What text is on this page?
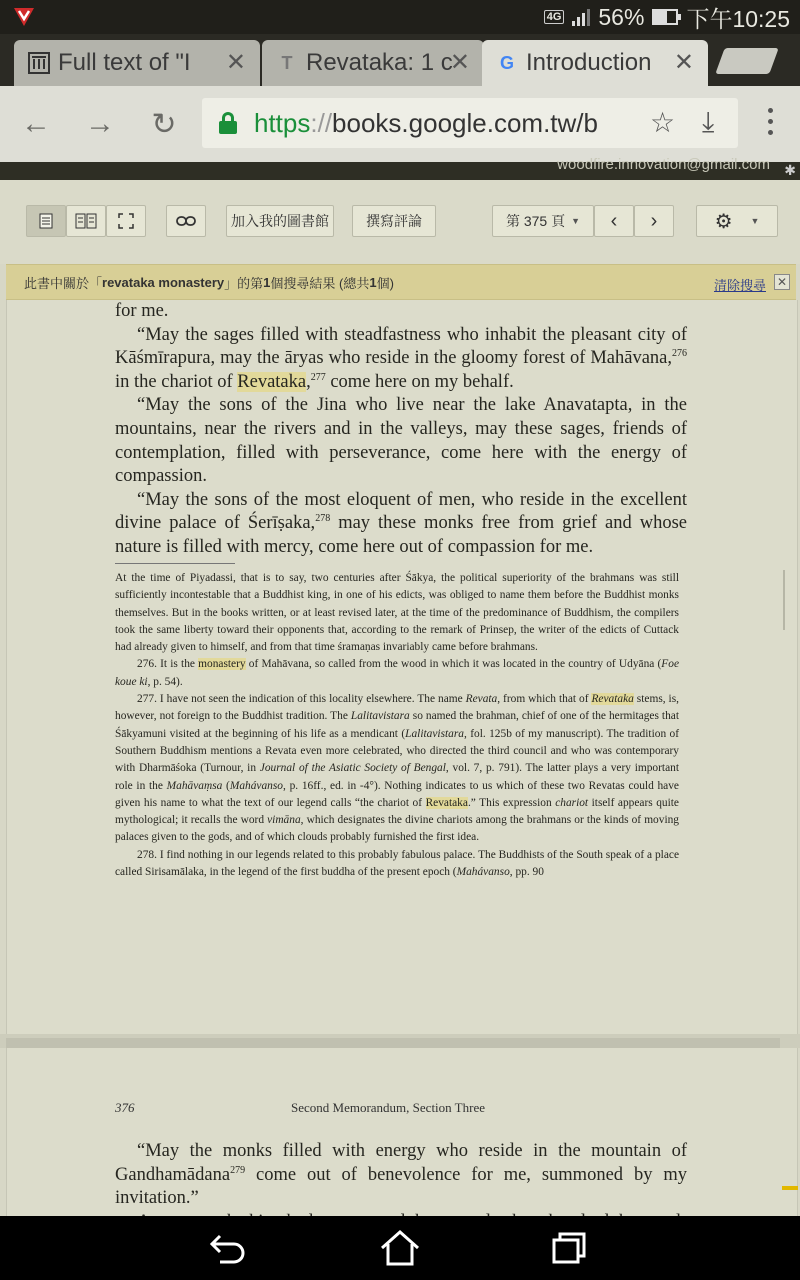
4G 56% 下午10:25
Full text of "I	✕	T Revataka: 1 c
✕ G Introduction ✕
← → ↻	https://books.google.com.tw/b	☆ ⤓
woodfire.innovation@gmail.com ✱
加入我的圖書館	撰寫評論	第 375 頁 ▼ ‹ ›	⚙ ▼
此書中關於「 revataka monastery 」的第 1 個搜尋結果 (總共 1 個)	清除搜尋 ✕

for me.

“May the sages filled with steadfastness who inhabit the pleasant city of Kāśmīrapura, may the āryas who reside in the gloomy forest of Mahāvana,$^{276}$ in the chariot of Revataka,$^{277}$ come here on my behalf.

“May the sons of the Jina who live near the lake Anavatapta, in the mountains, near the rivers and in the valleys, may these sages, friends of contemplation, filled with perseverance, come here with the energy of compassion.

“May the sons of the most eloquent of men, who reside in the excellent divine palace of Śerīṣaka,$^{278}$ may these monks free from grief and whose nature is filled with mercy, come here out of compassion for me.

At the time of Piyadassi, that is to say, two centuries after Śākya, the political superiority of the brahmans was still sufficiently incontestable that a Buddhist king, in one of his edicts, was obliged to name them before the Buddhist monks themselves. But in the books written, or at least revised later, at the time of the predominance of Buddhism, the compilers took the same liberty toward their opponents that, according to the remark of Prinsep, the writer of the edicts of Cuttack had already given to himself, and from that time śramaṇas invariably came before brahmans.

276. It is the monastery of Mahāvana, so called from the wood in which it was located in the country of Udyāna (Foe koue ki, p. 54).

277. I have not seen the indication of this locality elsewhere. The name Revata, from which that of Revataka stems, is, however, not foreign to the Buddhist tradition. The Lalitavistara so named the brahman, chief of one of the hermitages that Śākyamuni visited at the beginning of his life as a mendicant (Lalitavistara, fol. 125b of my manuscript). The tradition of Southern Buddhism mentions a Revata even more celebrated, who directed the third council and who was contemporary with Dharmāśoka (Turnour, in Journal of the Asiatic Society of Bengal, vol. 7, p. 791). The latter plays a very important role in the Mahāvaṃsa (Mahávanso, p. 16ff., ed. in -4°). Nothing indicates to us which of these two Revatas could have given his name to what the text of our legend calls “the chariot of Revataka.” This expression chariot itself appears quite mythological; it recalls the word vimāna, which designates the divine chariots among the brahmans or the kinds of moving palaces given to the gods, and of which clouds probably furnished the first idea.

278. I find nothing in our legends related to this probably fabulous palace. The Buddhists of the South speak of a place called Sirisamālaka, in the legend of the first buddha of the present epoch (Mahávanso, pp. 90

376	Second Memorandum, Section Three

“May the monks filled with energy who reside in the mountain of Gandhamādana$^{279}$ come out of benevolence for me, summoned by my invitation.”
